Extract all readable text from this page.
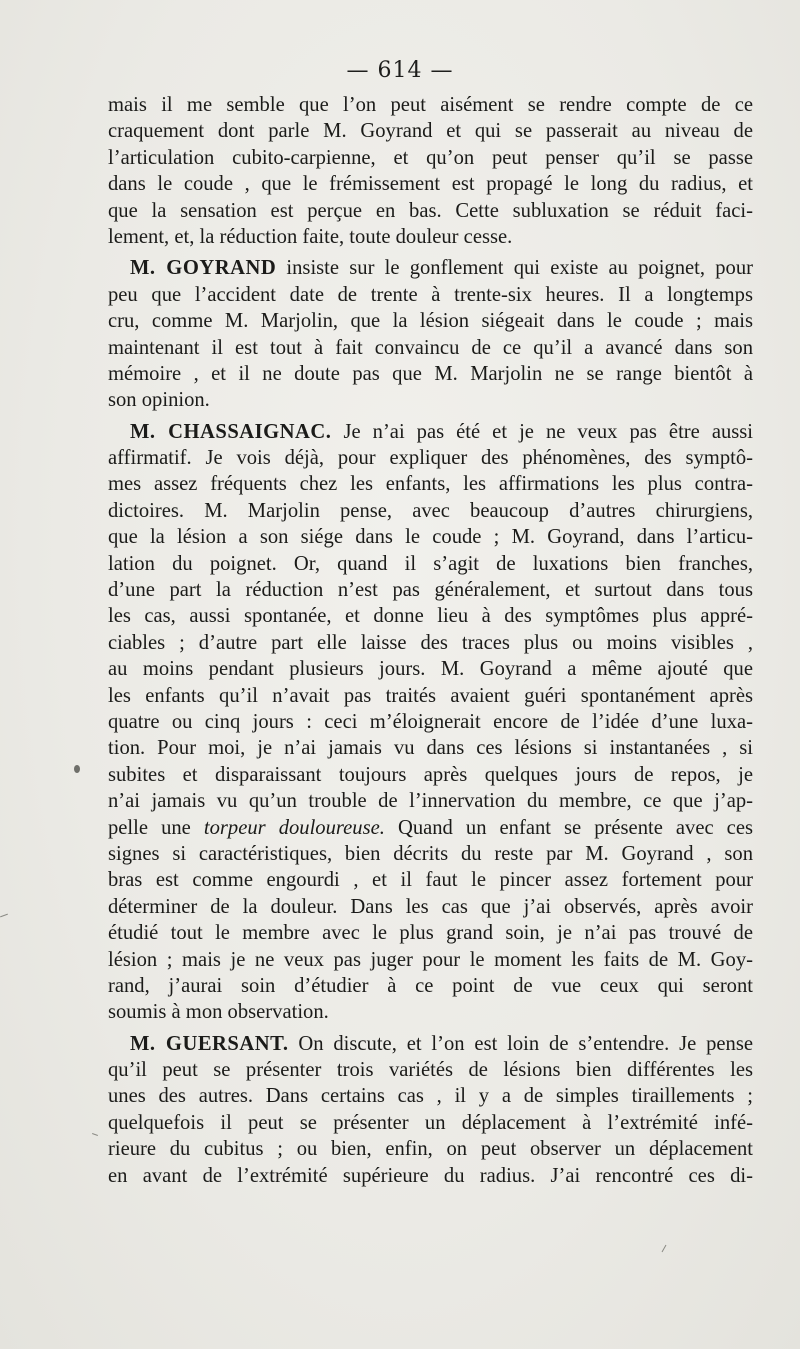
— 614 —
mais il me semble que l’on peut aisément se rendre compte de ce
craquement dont parle M. Goyrand et qui se passerait au niveau de
l’articulation cubito-carpienne, et qu’on peut penser qu’il se passe
dans le coude , que le frémissement est propagé le long du radius, et
que la sensation est perçue en bas. Cette subluxation se réduit faci-
lement, et, la réduction faite, toute douleur cesse.
M. GOYRAND insiste sur le gonflement qui existe au poignet, pour
peu que l’accident date de trente à trente-six heures. Il a longtemps
cru, comme M. Marjolin, que la lésion siégeait dans le coude ; mais
maintenant il est tout à fait convaincu de ce qu’il a avancé dans son
mémoire , et il ne doute pas que M. Marjolin ne se range bientôt à
son opinion.
M. CHASSAIGNAC. Je n’ai pas été et je ne veux pas être aussi
affirmatif. Je vois déjà, pour expliquer des phénomènes, des symptô-
mes assez fréquents chez les enfants, les affirmations les plus contra-
dictoires. M. Marjolin pense, avec beaucoup d’autres chirurgiens,
que la lésion a son siége dans le coude ; M. Goyrand, dans l’articu-
lation du poignet. Or, quand il s’agit de luxations bien franches,
d’une part la réduction n’est pas généralement, et surtout dans tous
les cas, aussi spontanée, et donne lieu à des symptômes plus appré-
ciables ; d’autre part elle laisse des traces plus ou moins visibles ,
au moins pendant plusieurs jours. M. Goyrand a même ajouté que
les enfants qu’il n’avait pas traités avaient guéri spontanément après
quatre ou cinq jours : ceci m’éloignerait encore de l’idée d’une luxa-
tion. Pour moi, je n’ai jamais vu dans ces lésions si instantanées , si
subites et disparaissant toujours après quelques jours de repos, je
n’ai jamais vu qu’un trouble de l’innervation du membre, ce que j’ap-
pelle une torpeur douloureuse. Quand un enfant se présente avec ces
signes si caractéristiques, bien décrits du reste par M. Goyrand , son
bras est comme engourdi , et il faut le pincer assez fortement pour
déterminer de la douleur. Dans les cas que j’ai observés, après avoir
étudié tout le membre avec le plus grand soin, je n’ai pas trouvé de
lésion ; mais je ne veux pas juger pour le moment les faits de M. Goy-
rand, j’aurai soin d’étudier à ce point de vue ceux qui seront
soumis à mon observation.
M. GUERSANT. On discute, et l’on est loin de s’entendre. Je pense
qu’il peut se présenter trois variétés de lésions bien différentes les
unes des autres. Dans certains cas , il y a de simples tiraillements ;
quelquefois il peut se présenter un déplacement à l’extrémité infé-
rieure du cubitus ; ou bien, enfin, on peut observer un déplacement
en avant de l’extrémité supérieure du radius. J’ai rencontré ces di-
